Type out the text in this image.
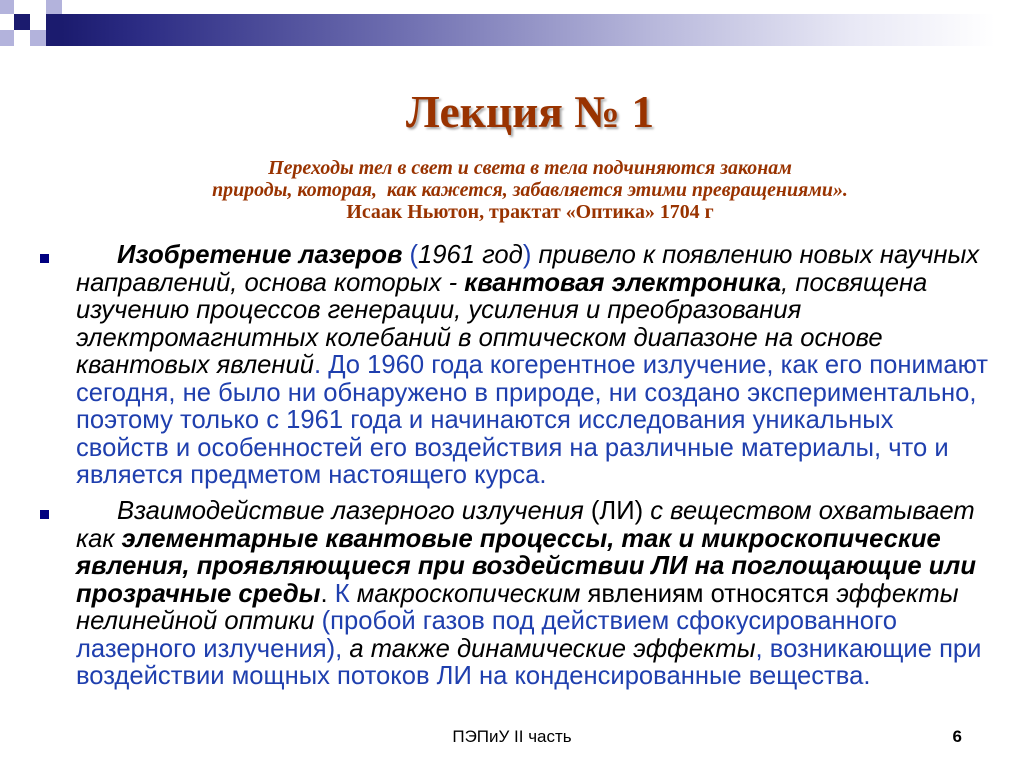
Лекция № 1
Переходы тел в свет и света в тела подчиняются законам
природы, которая,  как кажется, забавляется этими превращениями».
Исаак Ньютон, трактат «Оптика» 1704 г
Изобретение лазеров ( 1961 год ) привело к появлению новых научных
направлений, основа которых - квантовая электроника , посвящена
изучению процессов генерации, усиления и преобразования
электромагнитных колебаний в оптическом диапазоне на основе
квантовых явлений . До 1960 года когерентное излучение, как его понимают
сегодня, не было ни обнаружено в природе, ни создано экспериментально,
поэтому только с 1961 года и начинаются исследования уникальных
свойств и особенностей его воздействия на различные материалы, что и
является предметом настоящего курса.
Взаимодействие лазерного излучения (ЛИ) с веществом охватывает
как элементарные квантовые процессы, так и микроскопические
явления, проявляющиеся при воздействии ЛИ на поглощающие или
прозрачные среды . К макроскопическим явлениям относятся эффекты
нелинейной оптики (пробой газов под действием сфокусированного
лазерного излучения), а также динамические эффекты , возникающие при
воздействии мощных потоков ЛИ на конденсированные вещества.
ПЭПиУ II часть	6
